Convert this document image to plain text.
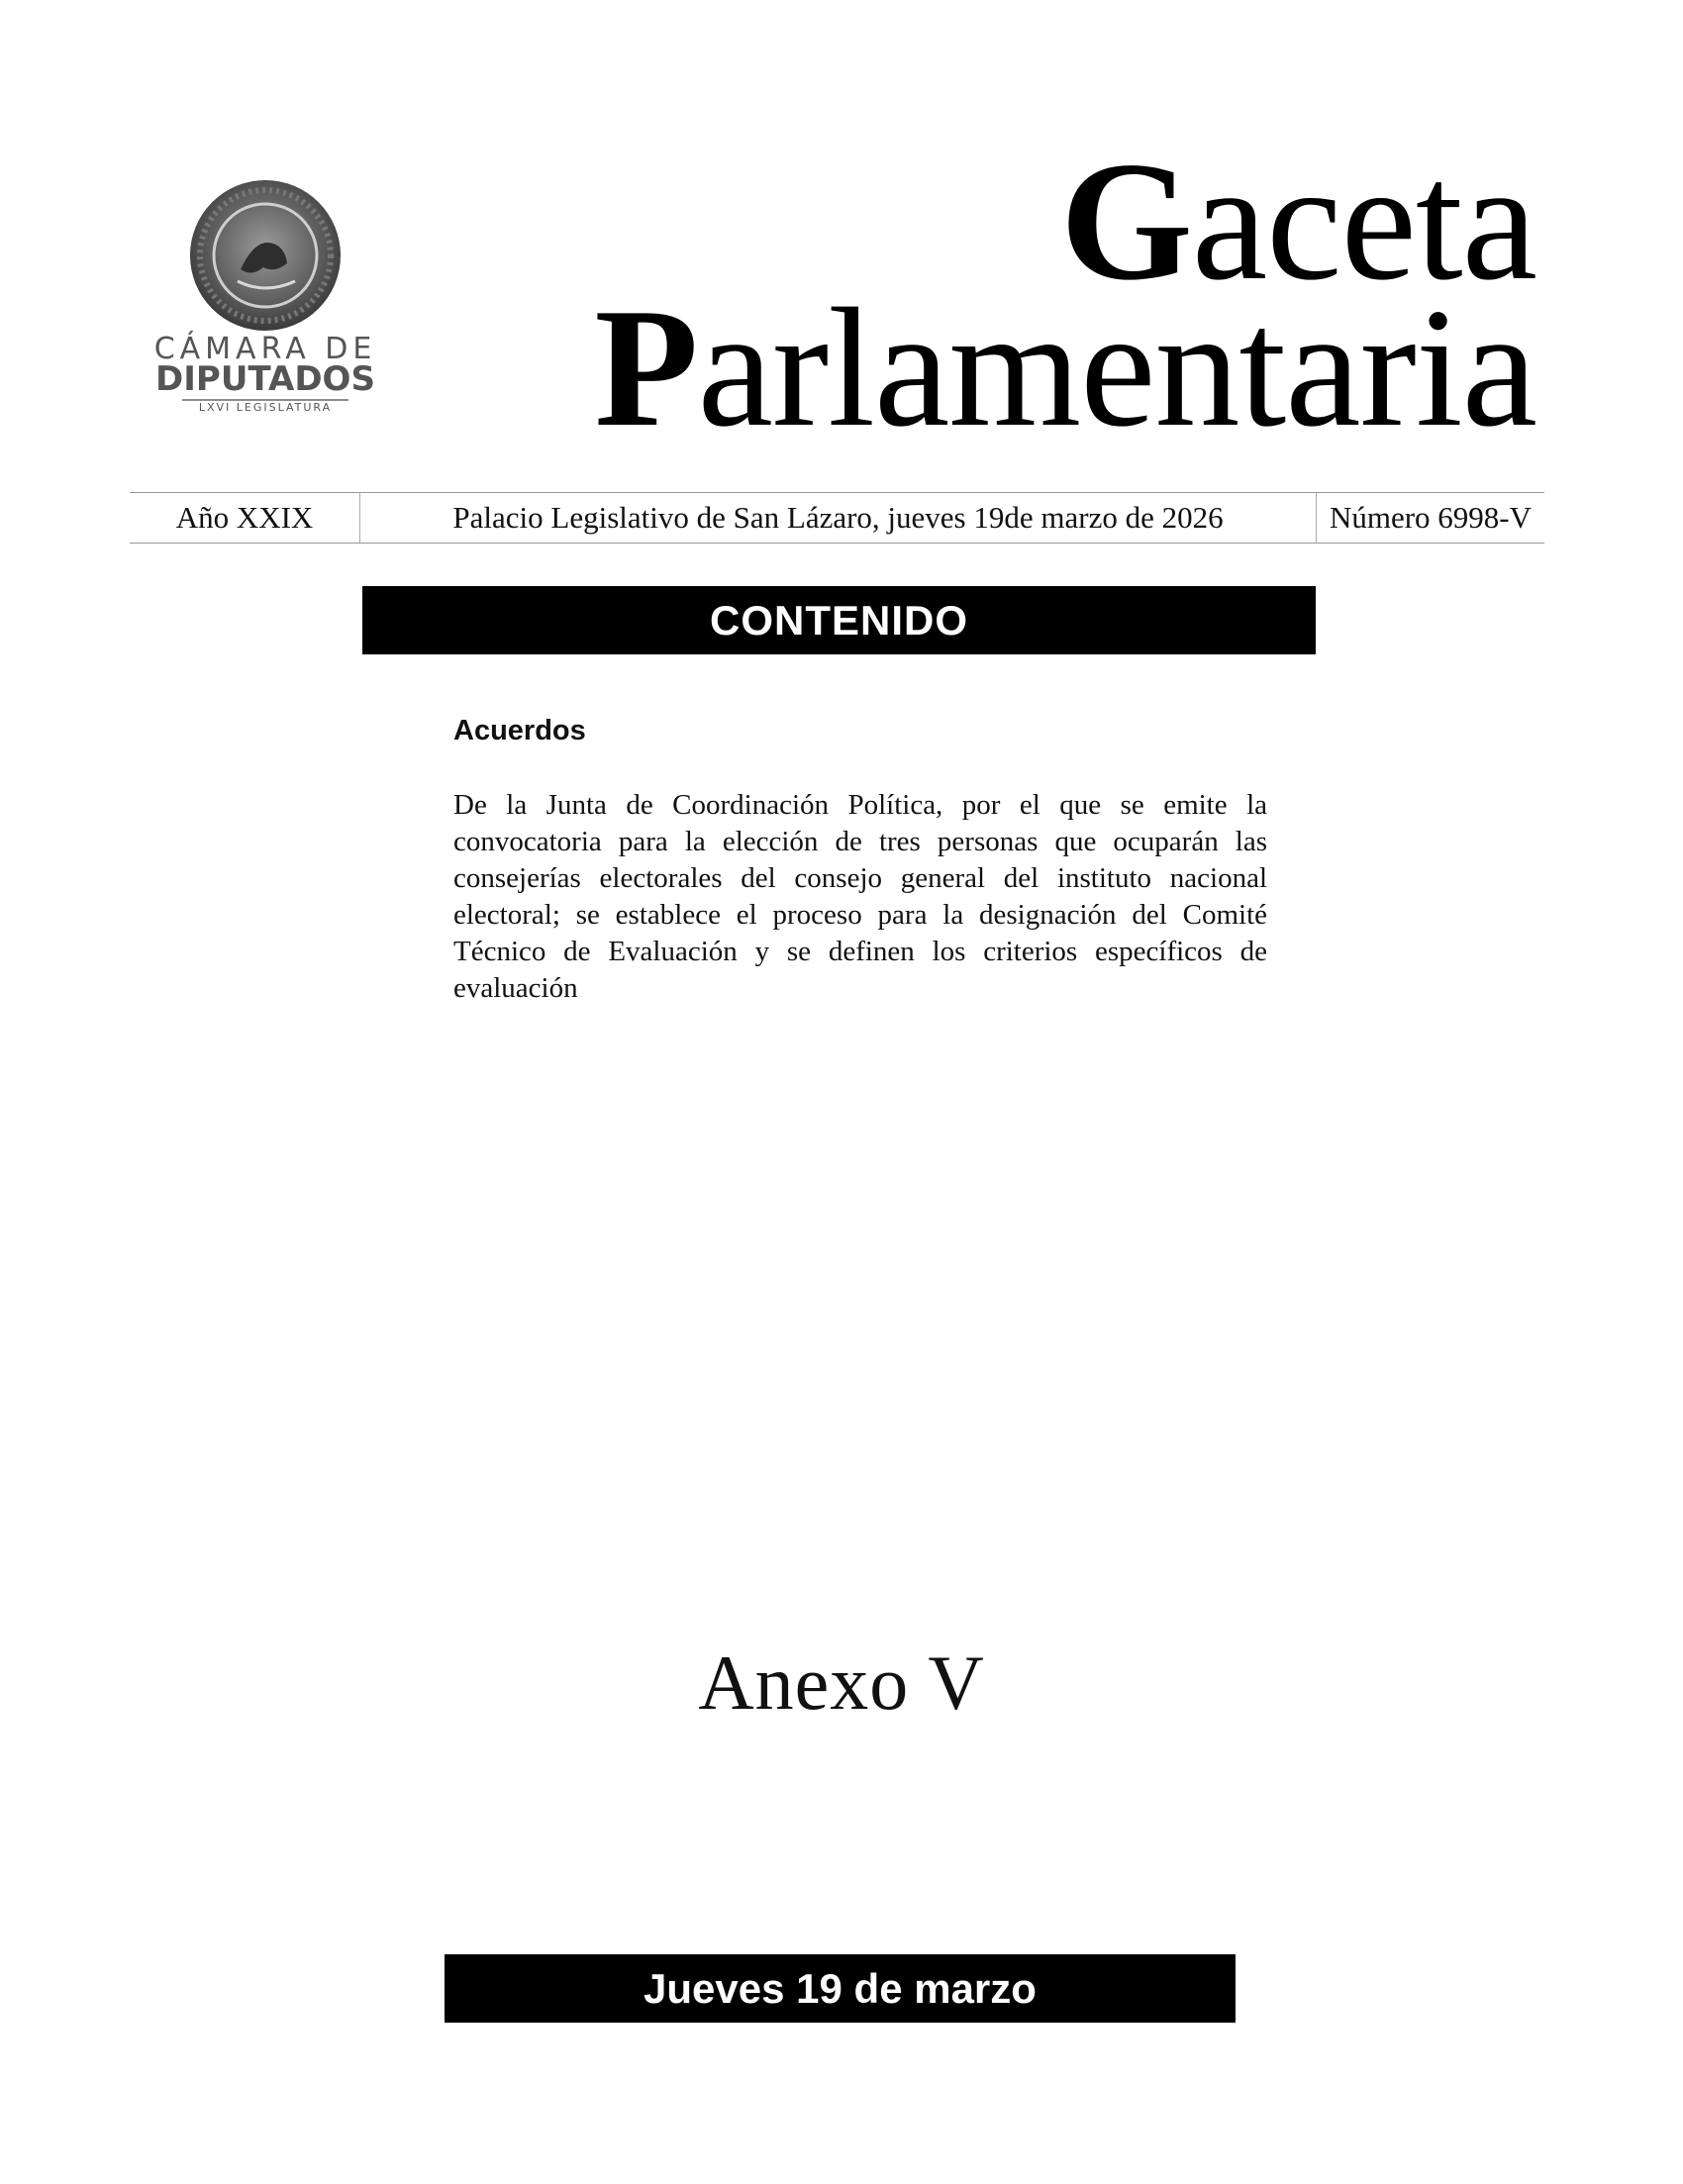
CÁMARA DE
DIPUTADOS
LXVI LEGISLATURA
Gaceta
Parlamentaria
Año XXIX	Palacio Legislativo de San Lázaro, jueves 19de marzo de 2026	Número 6998-V
CONTENIDO
Acuerdos
De la Junta de Coordinación Política, por el que se emite la convocatoria para la elección de tres personas que ocuparán las consejerías electorales del consejo general del instituto nacional electoral; se establece el proceso para la designación del Comité Técnico de Evaluación y se definen los criterios específicos de evaluación
Anexo V
Jueves 19 de marzo
